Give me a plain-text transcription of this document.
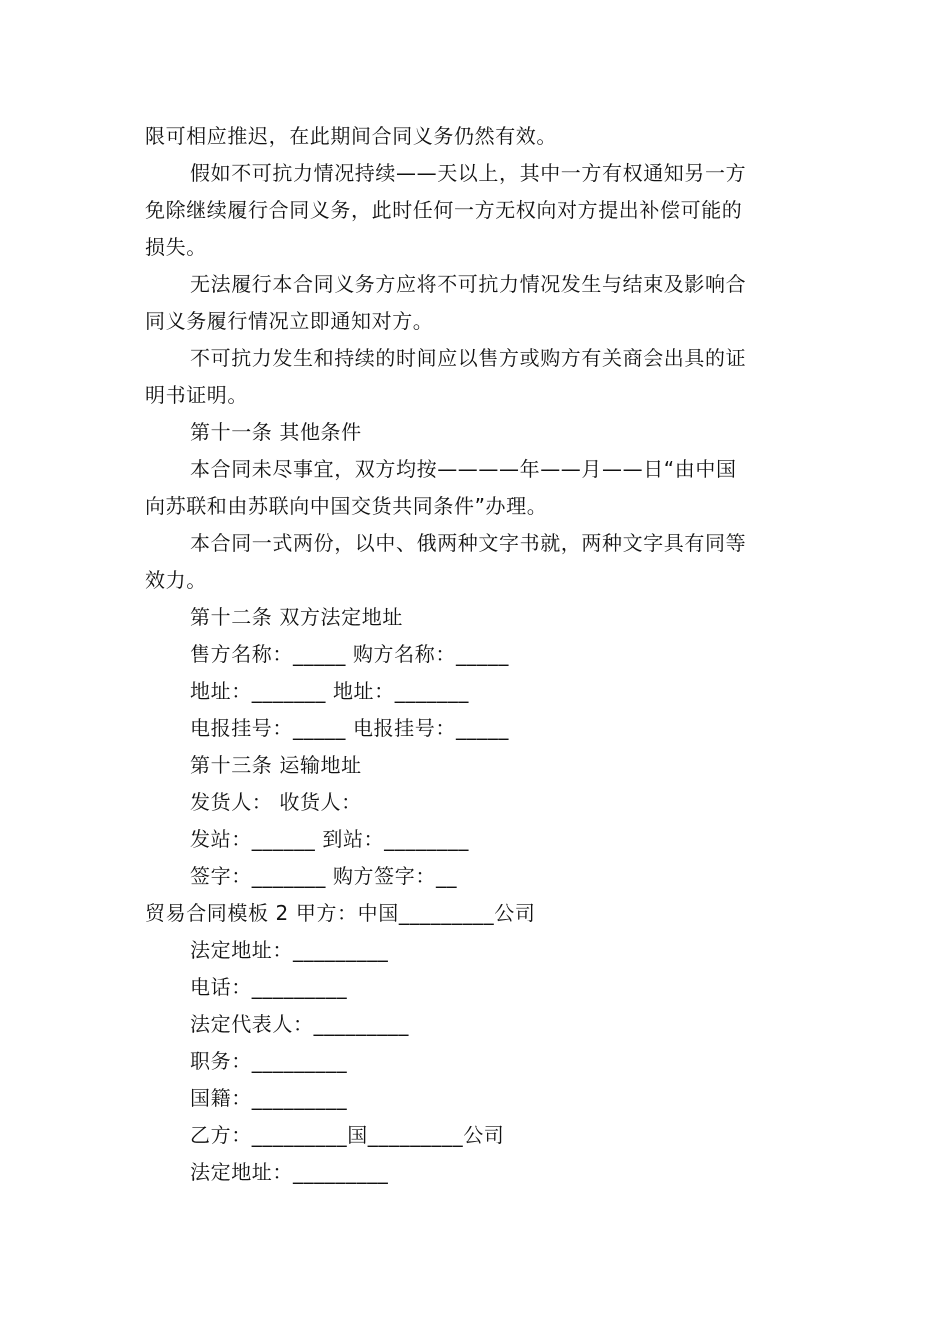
限可相应推迟，在此期间合同义务仍然有效。
假如不可抗力情况持续——天以上，其中一方有权通知另一方
免除继续履行合同义务，此时任何一方无权向对方提出补偿可能的
损失。
无法履行本合同义务方应将不可抗力情况发生与结束及影响合
同义务履行情况立即通知对方。
不可抗力发生和持续的时间应以售方或购方有关商会出具的证
明书证明。
第十一条 其他条件
本合同未尽事宜，双方均按————年——月——日“由中国
向苏联和由苏联向中国交货共同条件”办理。
本合同一式两份，以中、俄两种文字书就，两种文字具有同等
效力。
第十二条 双方法定地址
售方名称：_____ 购方名称：_____
地址：_______ 地址：_______
电报挂号：_____ 电报挂号：_____
第十三条 运输地址
发货人： 收货人：
发站：______ 到站：________
签字：_______ 购方签字：__
贸易合同模板 2 甲方：中国_________公司
法定地址：_________
电话：_________
法定代表人：_________
职务：_________
国籍：_________
乙方：_________国_________公司
法定地址：_________
